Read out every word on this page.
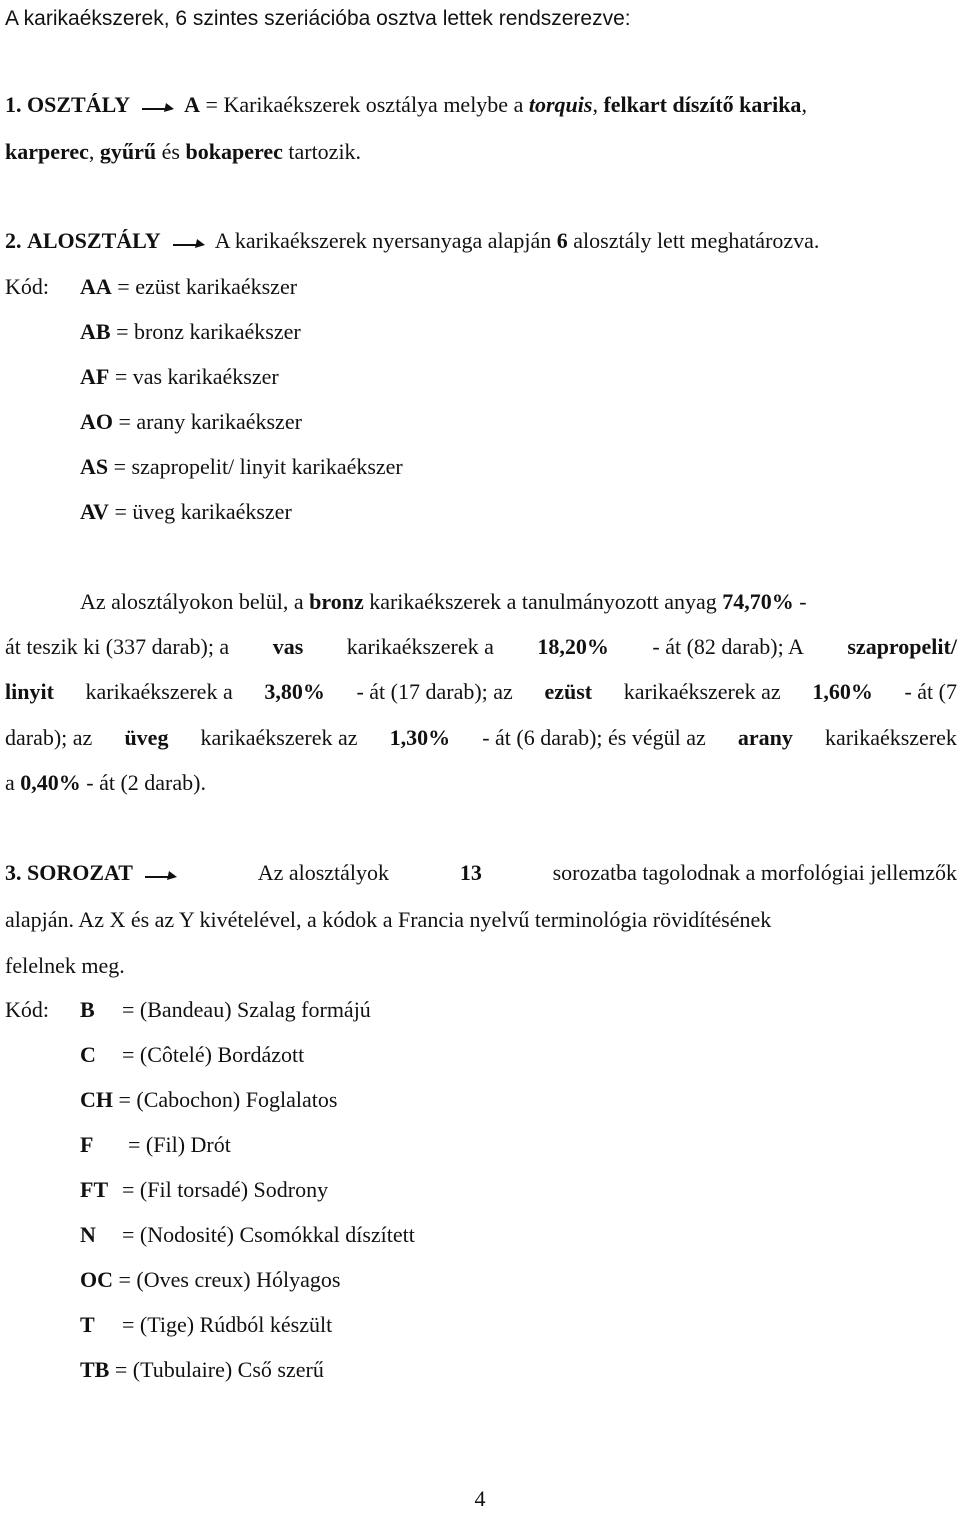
A karikaékszerek, 6 szintes szeriációba osztva lettek rendszerezve:
1. OSZTÁLY A = Karikaékszerek osztálya melybe a torquis, felkart díszítő karika,
karperec, gyűrű és bokaperec tartozik.
2. ALOSZTÁLY A karikaékszerek nyersanyaga alapján 6 alosztály lett meghatározva.
Kód: AA = ezüst karikaékszer
AB = bronz karikaékszer
AF = vas karikaékszer
AO = arany karikaékszer
AS = szapropelit/ linyit karikaékszer
AV = üveg karikaékszer
Az alosztályokon belül, a bronz karikaékszerek a tanulmányozott anyag 74,70% -
át teszik ki (337 darab); a vas karikaékszerek a 18,20% - át (82 darab); A szapropelit/
linyit karikaékszerek a 3,80% - át (17 darab); az ezüst karikaékszerek az 1,60% - át (7
darab); az üveg karikaékszerek az 1,30% - át (6 darab); és végül az arany karikaékszerek
a 0,40% - át (2 darab).
3. SOROZAT	Az alosztályok	13	sorozatba tagolodnak a morfológiai jellemzők
alapján. Az X és az Y kivételével, a kódok a Francia nyelvű terminológia rövidítésének
felelnek meg.
Kód: B = (Bandeau) Szalag formájú
C = (Côtelé) Bordázott
CH = (Cabochon) Foglalatos
F = (Fil) Drót
FT = (Fil torsadé) Sodrony
N = (Nodosité) Csomókkal díszített
OC = (Oves creux) Hólyagos
T = (Tige) Rúdból készült
TB = (Tubulaire) Cső szerű
4
